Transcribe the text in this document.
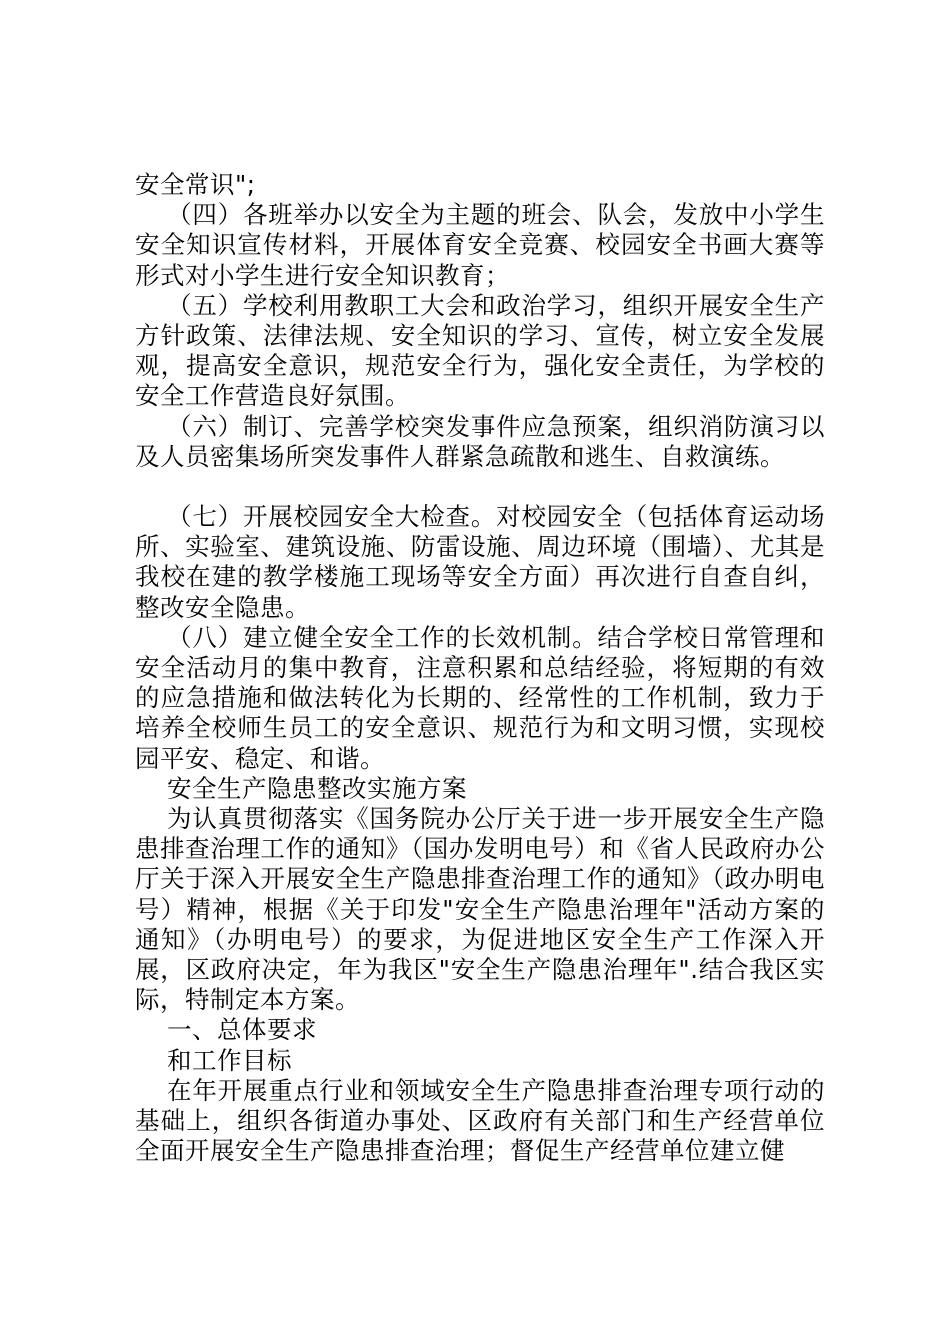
安全常识";

（四）各班举办以安全为主题的班会、队会，发放中小学生安全知识宣传材料，开展体育安全竞赛、校园安全书画大赛等形式对小学生进行安全知识教育；

（五）学校利用教职工大会和政治学习，组织开展安全生产方针政策、法律法规、安全知识的学习、宣传，树立安全发展观，提高安全意识，规范安全行为，强化安全责任，为学校的安全工作营造良好氛围。

（六）制订、完善学校突发事件应急预案，组织消防演习以及人员密集场所突发事件人群紧急疏散和逃生、自救演练。

（七）开展校园安全大检查。对校园安全（包括体育运动场所、实验室、建筑设施、防雷设施、周边环境（围墙）、尤其是我校在建的教学楼施工现场等安全方面）再次进行自查自纠，整改安全隐患。

（八）建立健全安全工作的长效机制。结合学校日常管理和安全活动月的集中教育，注意积累和总结经验，将短期的有效的应急措施和做法转化为长期的、经常性的工作机制，致力于培养全校师生员工的安全意识、规范行为和文明习惯，实现校园平安、稳定、和谐。

安全生产隐患整改实施方案

为认真贯彻落实《国务院办公厅关于进一步开展安全生产隐患排查治理工作的通知》（国办发明电号）和《省人民政府办公厅关于深入开展安全生产隐患排查治理工作的通知》（政办明电号）精神，根据《关于印发"安全生产隐患治理年"活动方案的通知》（办明电号）的要求，为促进地区安全生产工作深入开展，区政府决定，年为我区"安全生产隐患治理年".结合我区实际，特制定本方案。

一、总体要求

和工作目标

在年开展重点行业和领域安全生产隐患排查治理专项行动的基础上，组织各街道办事处、区政府有关部门和生产经营单位全面开展安全生产隐患排查治理；督促生产经营单位建立健
